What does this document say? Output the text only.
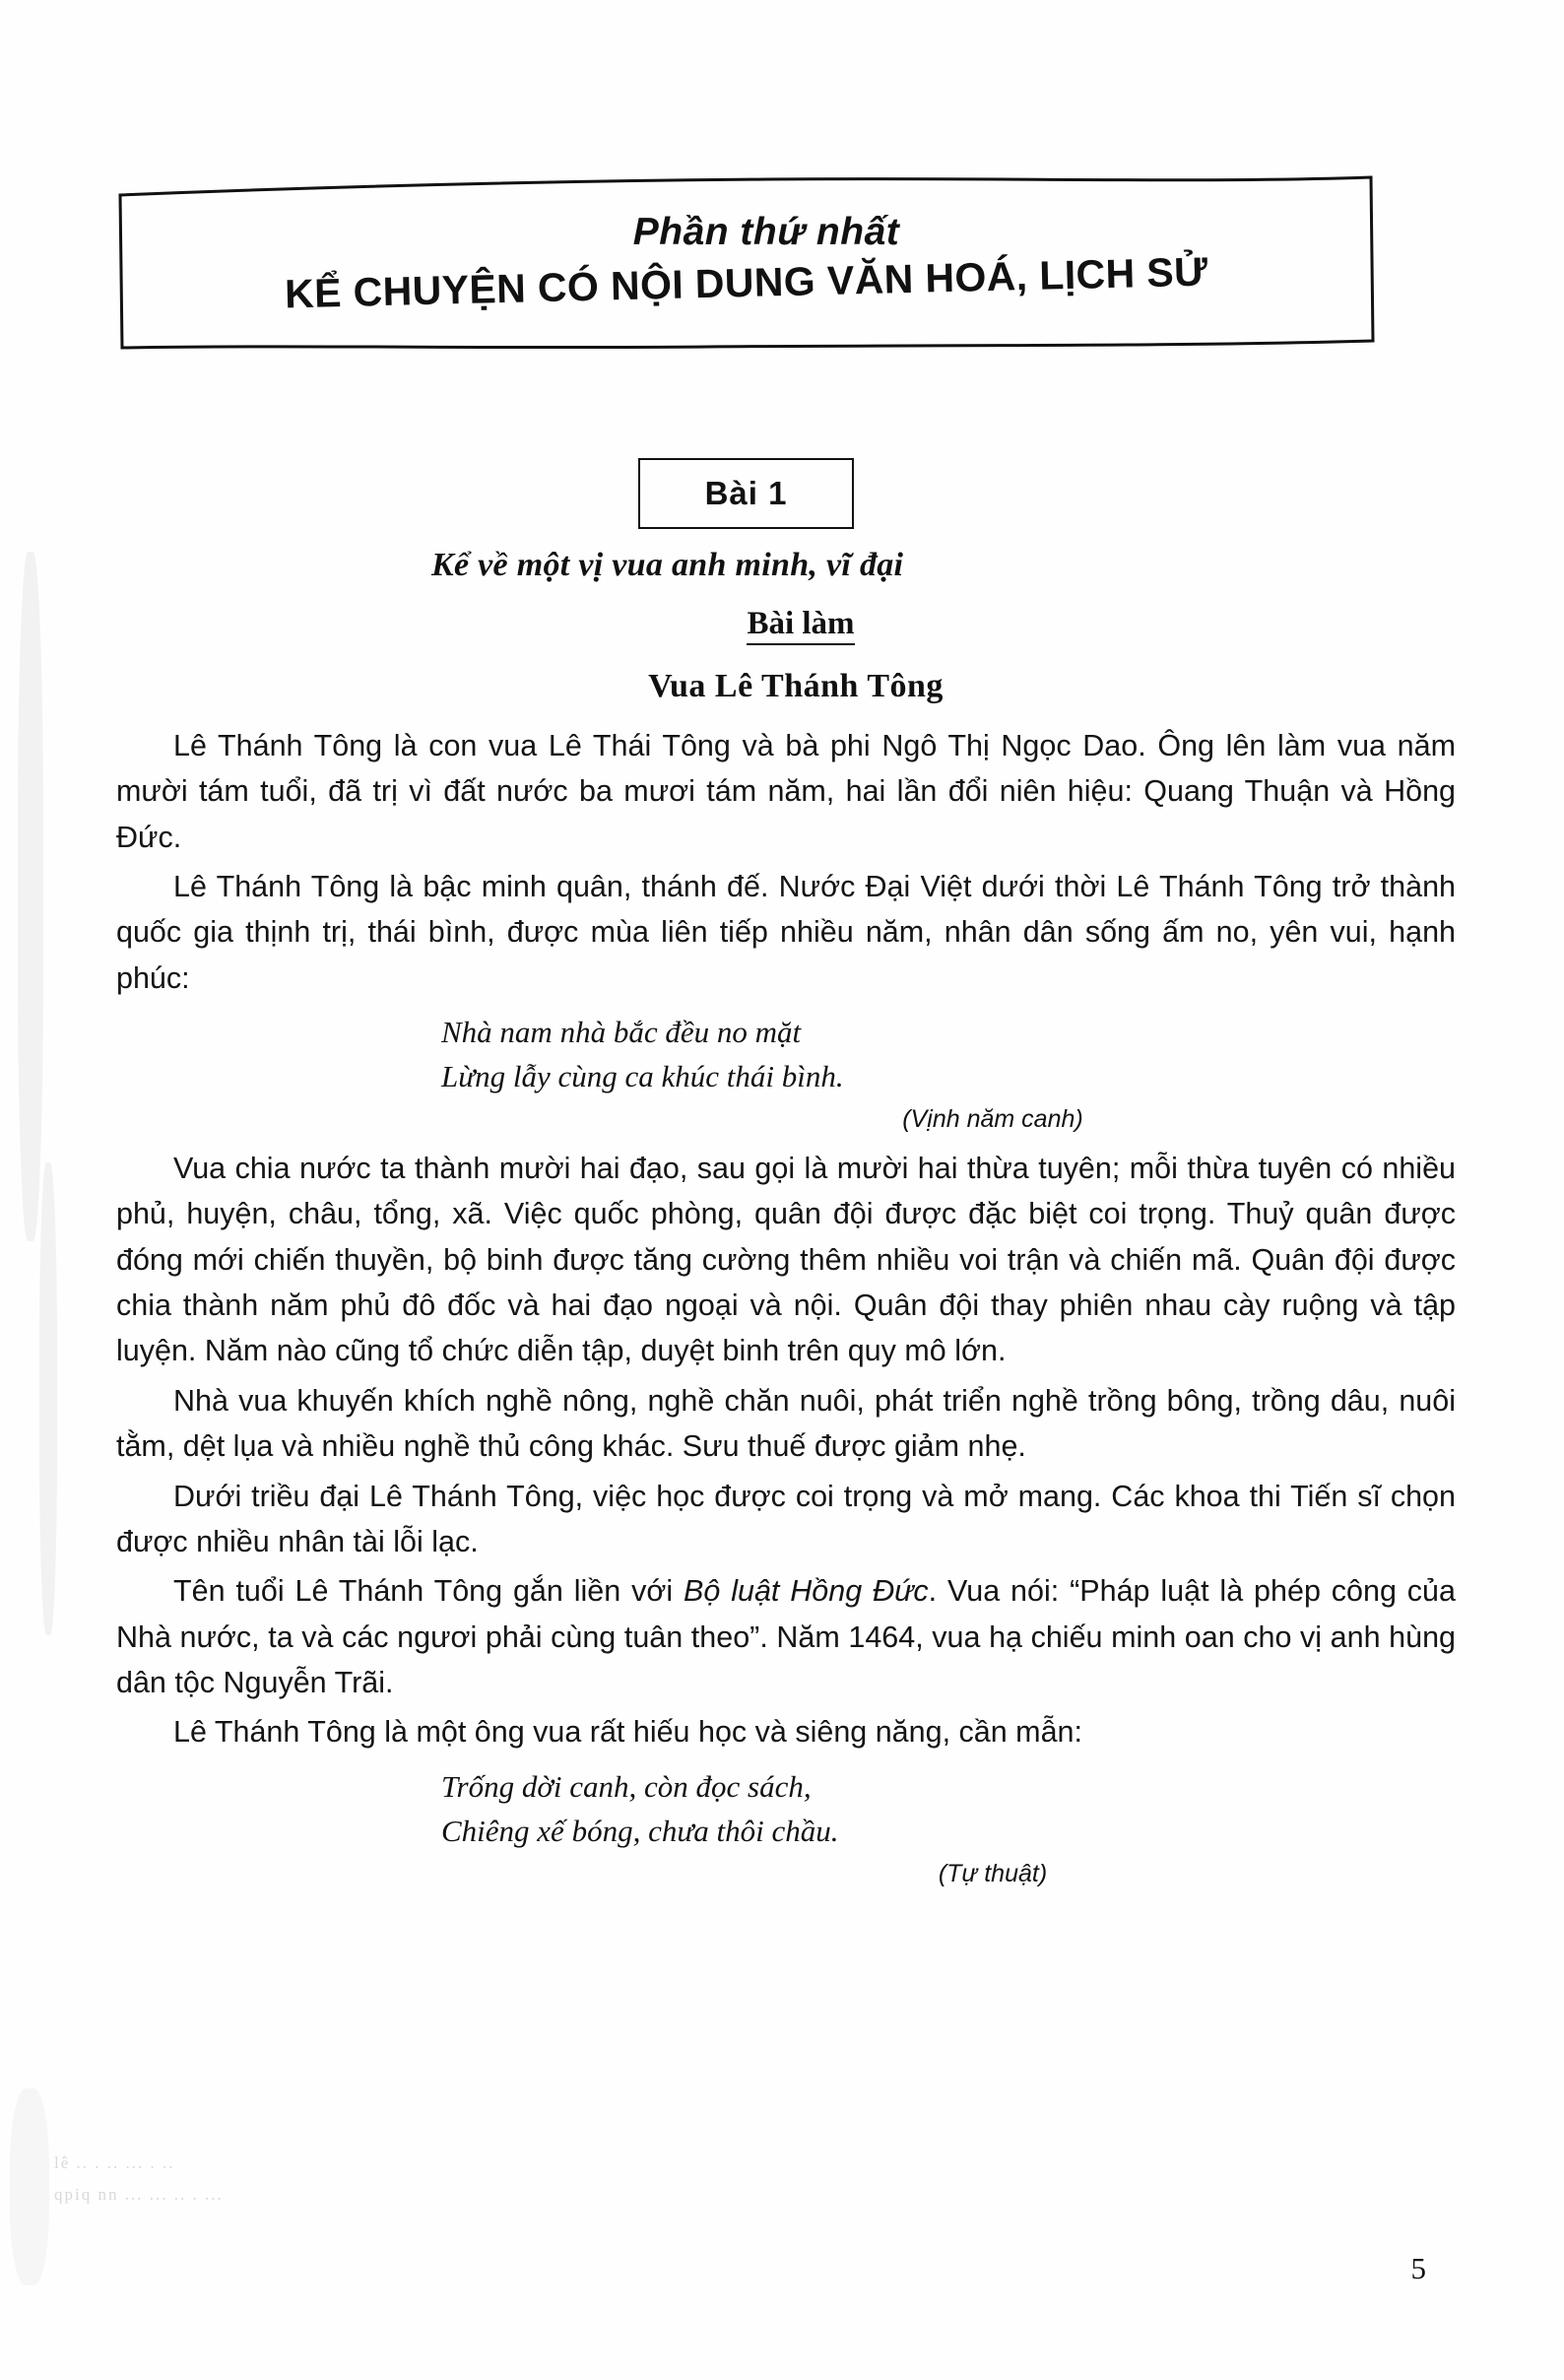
lê .. . .. ... . ..
qpiq nn ... ... .. . ...
Phần thứ nhất
KỂ CHUYỆN CÓ NỘI DUNG VĂN HOÁ, LỊCH SỬ
Bài 1
Kể về một vị vua anh minh, vĩ đại
Bài làm
Vua Lê Thánh Tông

Lê Thánh Tông là con vua Lê Thái Tông và bà phi Ngô Thị Ngọc Dao. Ông lên làm vua năm mười tám tuổi, đã trị vì đất nước ba mươi tám năm, hai lần đổi niên hiệu: Quang Thuận và Hồng Đức.

Lê Thánh Tông là bậc minh quân, thánh đế. Nước Đại Việt dưới thời Lê Thánh Tông trở thành quốc gia thịnh trị, thái bình, được mùa liên tiếp nhiều năm, nhân dân sống ấm no, yên vui, hạnh phúc:

Nhà nam nhà bắc đều no mặt
Lừng lẫy cùng ca khúc thái bình.
(Vịnh năm canh)

Vua chia nước ta thành mười hai đạo, sau gọi là mười hai thừa tuyên; mỗi thừa tuyên có nhiều phủ, huyện, châu, tổng, xã. Việc quốc phòng, quân đội được đặc biệt coi trọng. Thuỷ quân được đóng mới chiến thuyền, bộ binh được tăng cường thêm nhiều voi trận và chiến mã. Quân đội được chia thành năm phủ đô đốc và hai đạo ngoại và nội. Quân đội thay phiên nhau cày ruộng và tập luyện. Năm nào cũng tổ chức diễn tập, duyệt binh trên quy mô lớn.

Nhà vua khuyến khích nghề nông, nghề chăn nuôi, phát triển nghề trồng bông, trồng dâu, nuôi tằm, dệt lụa và nhiều nghề thủ công khác. Sưu thuế được giảm nhẹ.

Dưới triều đại Lê Thánh Tông, việc học được coi trọng và mở mang. Các khoa thi Tiến sĩ chọn được nhiều nhân tài lỗi lạc.

Tên tuổi Lê Thánh Tông gắn liền với Bộ luật Hồng Đức. Vua nói: “Pháp luật là phép công của Nhà nước, ta và các ngươi phải cùng tuân theo”. Năm 1464, vua hạ chiếu minh oan cho vị anh hùng dân tộc Nguyễn Trãi.

Lê Thánh Tông là một ông vua rất hiếu học và siêng năng, cần mẫn:

Trống dời canh, còn đọc sách,
Chiêng xế bóng, chưa thôi chầu.
(Tự thuật)
5
